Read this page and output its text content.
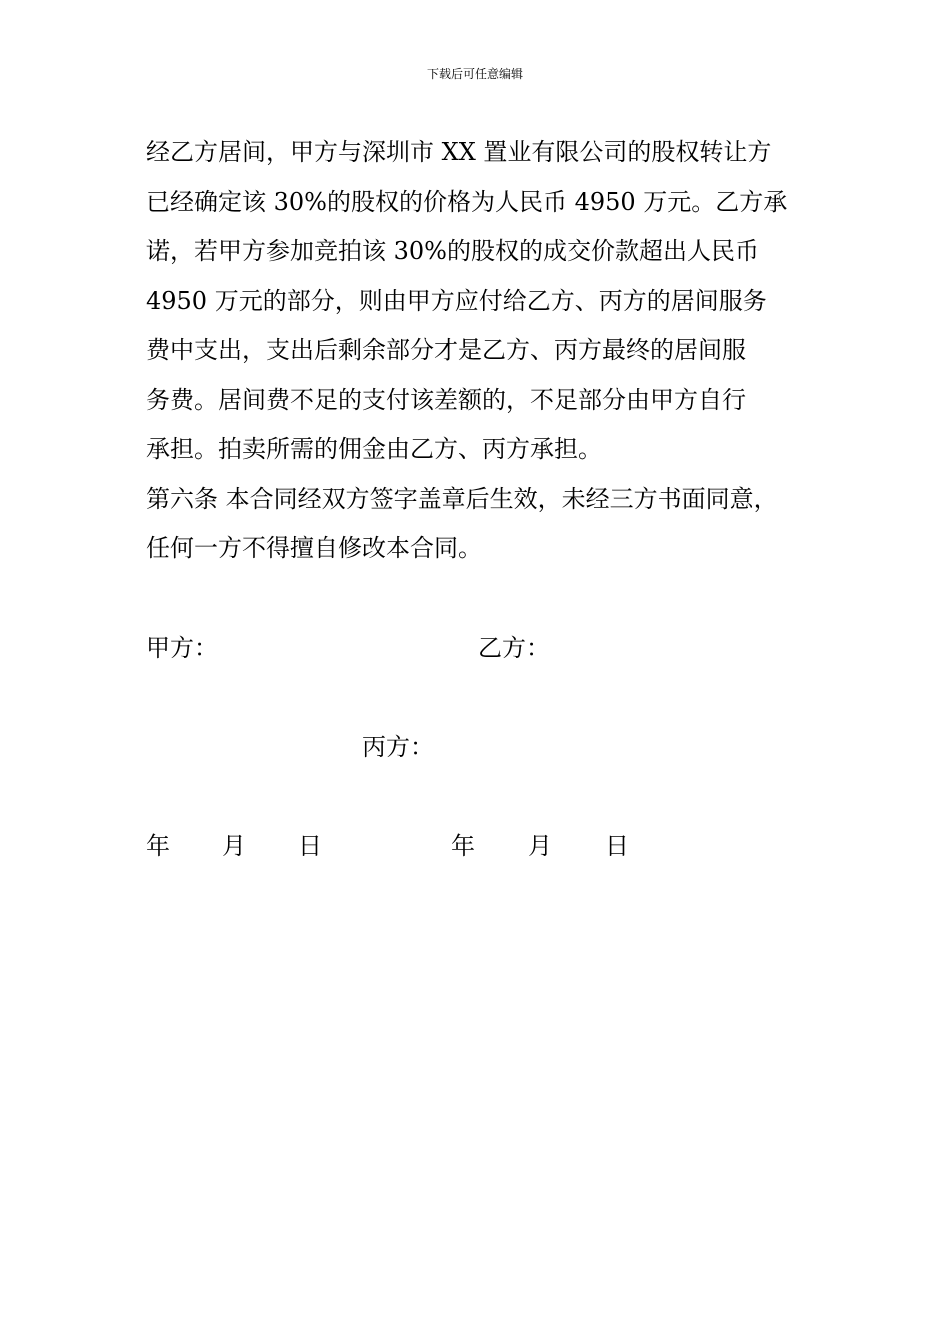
下载后可任意编辑
经乙方居间，甲方与深圳市 XX 置业有限公司的股权转让方
已经确定该 30%的股权的价格为人民币 4950 万元。乙方承
诺，若甲方参加竞拍该 30%的股权的成交价款超出人民币
4950 万元的部分，则由甲方应付给乙方、丙方的居间服务
费中支出，支出后剩余部分才是乙方、丙方最终的居间服
务费。居间费不足的支付该差额的，不足部分由甲方自行
承担。拍卖所需的佣金由乙方、丙方承担。
第六条 本合同经双方签字盖章后生效，未经三方书面同意，
任何一方不得擅自修改本合同。
甲方：	乙方：
丙方：
年 月 日	年 月 日
